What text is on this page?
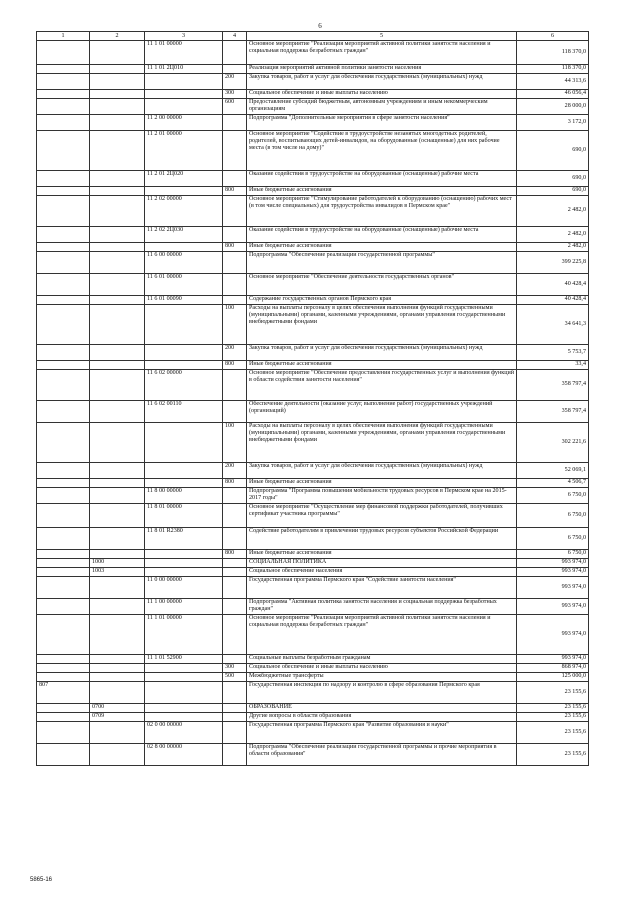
6
1	2	3	4	5	6
		11 1 01 00000		Основное мероприятие "Реализация мероприятий активной политики занятости населения и социальная поддержка безработных граждан"	118 370,0
		11 1 01 2Ц010		Реализация мероприятий активной политики занятости населения	118 370,0
			200	Закупка товаров, работ и услуг для обеспечения государственных (муниципальных) нужд	44 313,6
			300	Социальное обеспечение и иные выплаты населению	46 056,4
			600	Предоставление субсидий бюджетным, автономным учреждениям и иным некоммерческим организациям	28 000,0
		11 2 00 00000		Подпрограмма "Дополнительные мероприятия в сфере занятости населения"	3 172,0
		11 2 01 00000		Основное мероприятие "Содействие в трудоустройстве незанятых многодетных родителей, родителей, воспитывающих детей-инвалидов, на оборудованные (оснащенные) для них рабочие места (в том числе на дому)"	690,0
		11 2 01 2Ц020		Оказание содействия в трудоустройстве на оборудованные (оснащенные) рабочие места	690,0
			800	Иные бюджетные ассигнования	690,0
		11 2 02 00000		Основное мероприятие "Стимулирование работодателей к оборудованию (оснащению) рабочих мест (в том числе специальных) для трудоустройства инвалидов в Пермском крае"	2 482,0
		11 2 02 2Ц030		Оказание содействия в трудоустройстве на оборудованные (оснащенные) рабочие места	2 482,0
			800	Иные бюджетные ассигнования	2 482,0
		11 6 00 00000		Подпрограмма "Обеспечение реализации государственной программы"	399 225,8
		11 6 01 00000		Основное мероприятие "Обеспечение деятельности государственных органов"	40 428,4
		11 6 01 00090		Содержание государственных органов Пермского края	40 428,4
			100	Расходы на выплаты персоналу в целях обеспечения выполнения функций государственными (муниципальными) органами, казенными учреждениями, органами управления государственными внебюджетными фондами	34 641,3
			200	Закупка товаров, работ и услуг для обеспечения государственных (муниципальных) нужд	5 753,7
			800	Иные бюджетные ассигнования	33,4
		11 6 02 00000		Основное мероприятие "Обеспечение предоставления государственных услуг и выполнения функций в области содействия занятости населения"	358 797,4
		11 6 02 00110		Обеспечение деятельности (оказание услуг, выполнение работ) государственных учреждений (организаций)	358 797,4
			100	Расходы на выплаты персоналу в целях обеспечения выполнения функций государственными (муниципальными) органами, казенными учреждениями, органами управления государственными внебюджетными фондами	302 221,6
			200	Закупка товаров, работ и услуг для обеспечения государственных (муниципальных) нужд	52 069,1
			800	Иные бюджетные ассигнования	4 506,7
		11 8 00 00000		Подпрограмма "Программа повышения мобильности трудовых ресурсов в Пермском крае на 2015-2017 годы"	6 750,0
		11 8 01 00000		Основное мероприятие "Осуществление мер финансовой поддержки работодателей, получивших сертификат участника программы"	6 750,0
		11 8 01 R2380		Содействие работодателям в привлечении трудовых ресурсов субъектов Российской Федерации	6 750,0
			800	Иные бюджетные ассигнования	6 750,0
	1000			СОЦИАЛЬНАЯ ПОЛИТИКА	993 974,0
	1003			Социальное обеспечение населения	993 974,0
		11 0 00 00000		Государственная программа Пермского края "Содействие занятости населения"	993 974,0
		11 1 00 00000		Подпрограмма "Активная политика занятости населения и социальная поддержка безработных граждан"	993 974,0
		11 1 01 00000		Основное мероприятие "Реализация мероприятий активной политики занятости населения и социальная поддержка безработных граждан"	993 974,0
		11 1 01 52900		Социальные выплаты безработным гражданам	993 974,0
			300	Социальное обеспечение и иные выплаты населению	868 974,0
			500	Межбюджетные трансферты	125 000,0
807				Государственная инспекция по надзору и контролю в сфере образования Пермского края	23 155,6
	0700			ОБРАЗОВАНИЕ	23 155,6
	0709			Другие вопросы в области образования	23 155,6
		02 0 00 00000		Государственная программа Пермского края "Развитие образования и науки"	23 155,6
		02 8 00 00000		Подпрограмма "Обеспечение реализации государственной программы и прочие мероприятия в области образования"	23 155,6
5865-16
